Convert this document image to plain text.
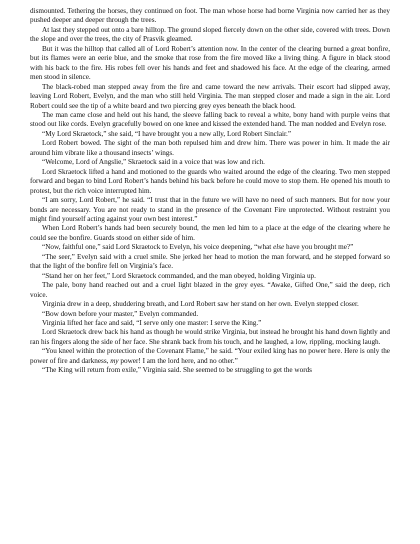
dismounted. Tethering the horses, they continued on foot. The man whose horse had borne Virginia now carried her as they pushed deeper and deeper through the trees.

At last they stepped out onto a bare hilltop. The ground sloped fiercely down on the other side, covered with trees. Down the slope and over the trees, the city of Prasvik gleamed.

But it was the hilltop that called all of Lord Robert’s attention now. In the center of the clearing burned a great bonfire, but its flames were an eerie blue, and the smoke that rose from the fire moved like a living thing. A figure in black stood with his back to the fire. His robes fell over his hands and feet and shadowed his face. At the edge of the clearing, armed men stood in silence.

The black-robed man stepped away from the fire and came toward the new arrivals. Their escort had slipped away, leaving Lord Robert, Evelyn, and the man who still held Virginia. The man stepped closer and made a sign in the air. Lord Robert could see the tip of a white beard and two piercing grey eyes beneath the black hood.

The man came close and held out his hand, the sleeve falling back to reveal a white, bony hand with purple veins that stood out like cords. Evelyn gracefully bowed on one knee and kissed the extended hand. The man nodded and Evelyn rose.

“My Lord Skraetock,” she said, “I have brought you a new ally, Lord Robert Sinclair.”

Lord Robert bowed. The sight of the man both repulsed him and drew him. There was power in him. It made the air around him vibrate like a thousand insects’ wings.

“Welcome, Lord of Angslie,” Skraetock said in a voice that was low and rich.

Lord Skraetock lifted a hand and motioned to the guards who waited around the edge of the clearing. Two men stepped forward and began to bind Lord Robert’s hands behind his back before he could move to stop them. He opened his mouth to protest, but the rich voice interrupted him.

“I am sorry, Lord Robert,” he said. “I trust that in the future we will have no need of such manners. But for now your bonds are necessary. You are not ready to stand in the presence of the Covenant Fire unprotected. Without restraint you might find yourself acting against your own best interest.”

When Lord Robert’s hands had been securely bound, the men led him to a place at the edge of the clearing where he could see the bonfire. Guards stood on either side of him.

“Now, faithful one,” said Lord Skraetock to Evelyn, his voice deepening, “what else have you brought me?”

“The seer,” Evelyn said with a cruel smile. She jerked her head to motion the man forward, and he stepped forward so that the light of the bonfire fell on Virginia’s face.

“Stand her on her feet,” Lord Skraetock commanded, and the man obeyed, holding Virginia up.

The pale, bony hand reached out and a cruel light blazed in the grey eyes. “Awake, Gifted One,” said the deep, rich voice.

Virginia drew in a deep, shuddering breath, and Lord Robert saw her stand on her own. Evelyn stepped closer.

“Bow down before your master,” Evelyn commanded.

Virginia lifted her face and said, “I serve only one master: I serve the King.”

Lord Skraetock drew back his hand as though he would strike Virginia, but instead he brought his hand down lightly and ran his fingers along the side of her face. She shrank back from his touch, and he laughed, a low, rippling, mocking laugh.

“You kneel within the protection of the Covenant Flame,” he said. “Your exiled king has no power here. Here is only the power of fire and darkness, my power! I am the lord here, and no other.”

“The King will return from exile,” Virginia said. She seemed to be struggling to get the words
